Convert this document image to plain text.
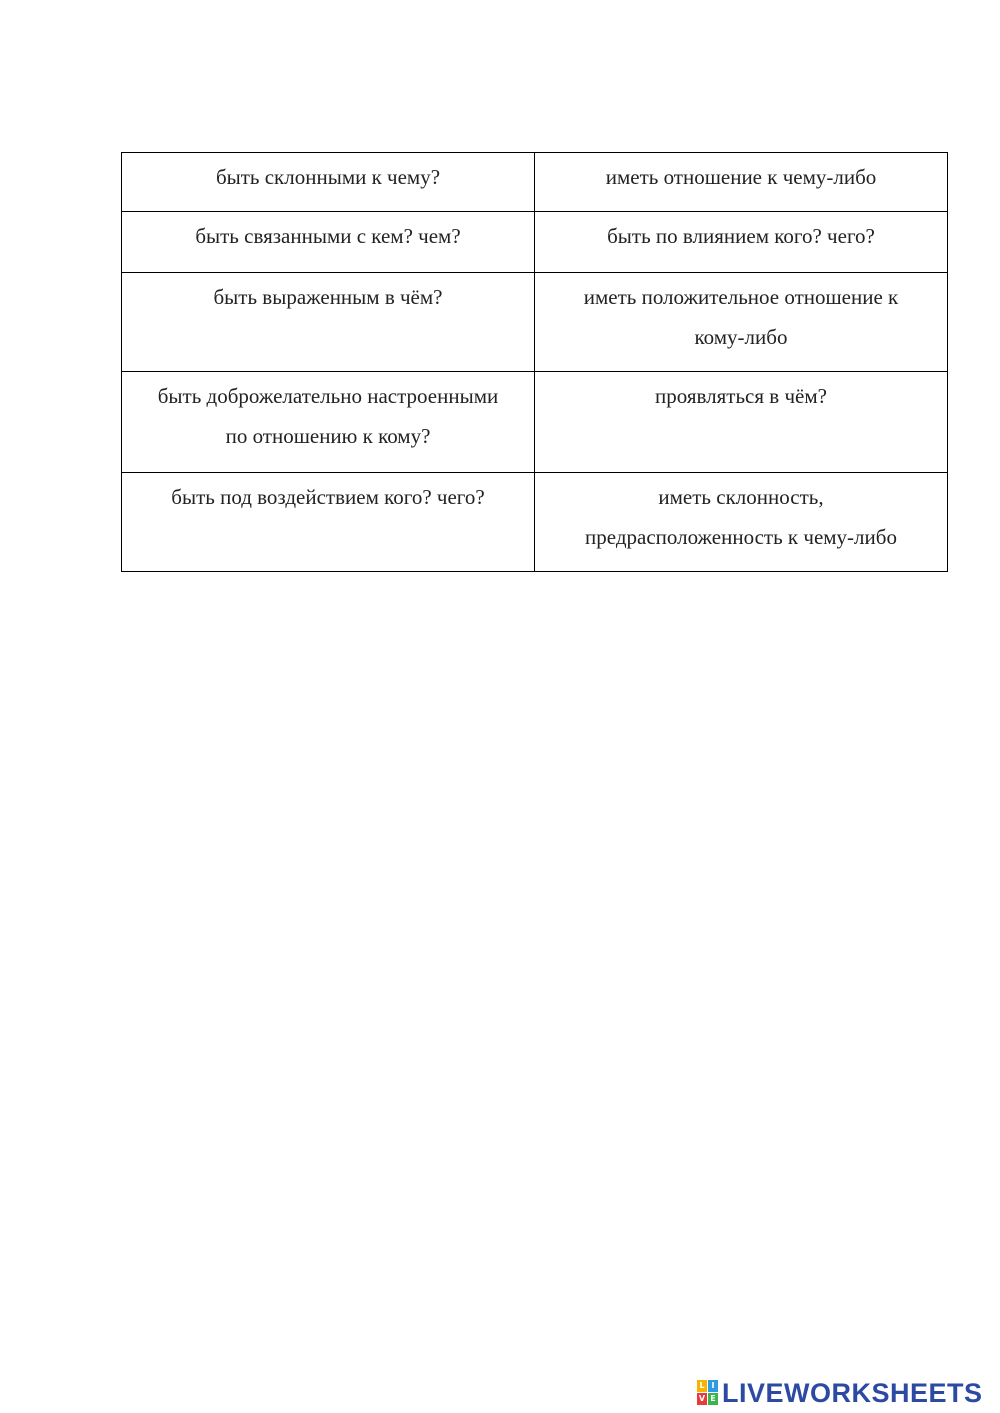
быть склонными к чему?	иметь отношение к чему-либо
быть связанными с кем? чем?	быть по влиянием кого? чего?
быть выраженным в чём?	иметь положительное отношение к
кому-либо
быть доброжелательно настроенными
по отношению к кому?	проявляться в чём?
быть под воздействием кого? чего?	иметь склонность,
предрасположенность к чему-либо
L I
V E LIVEWORKSHEETS
